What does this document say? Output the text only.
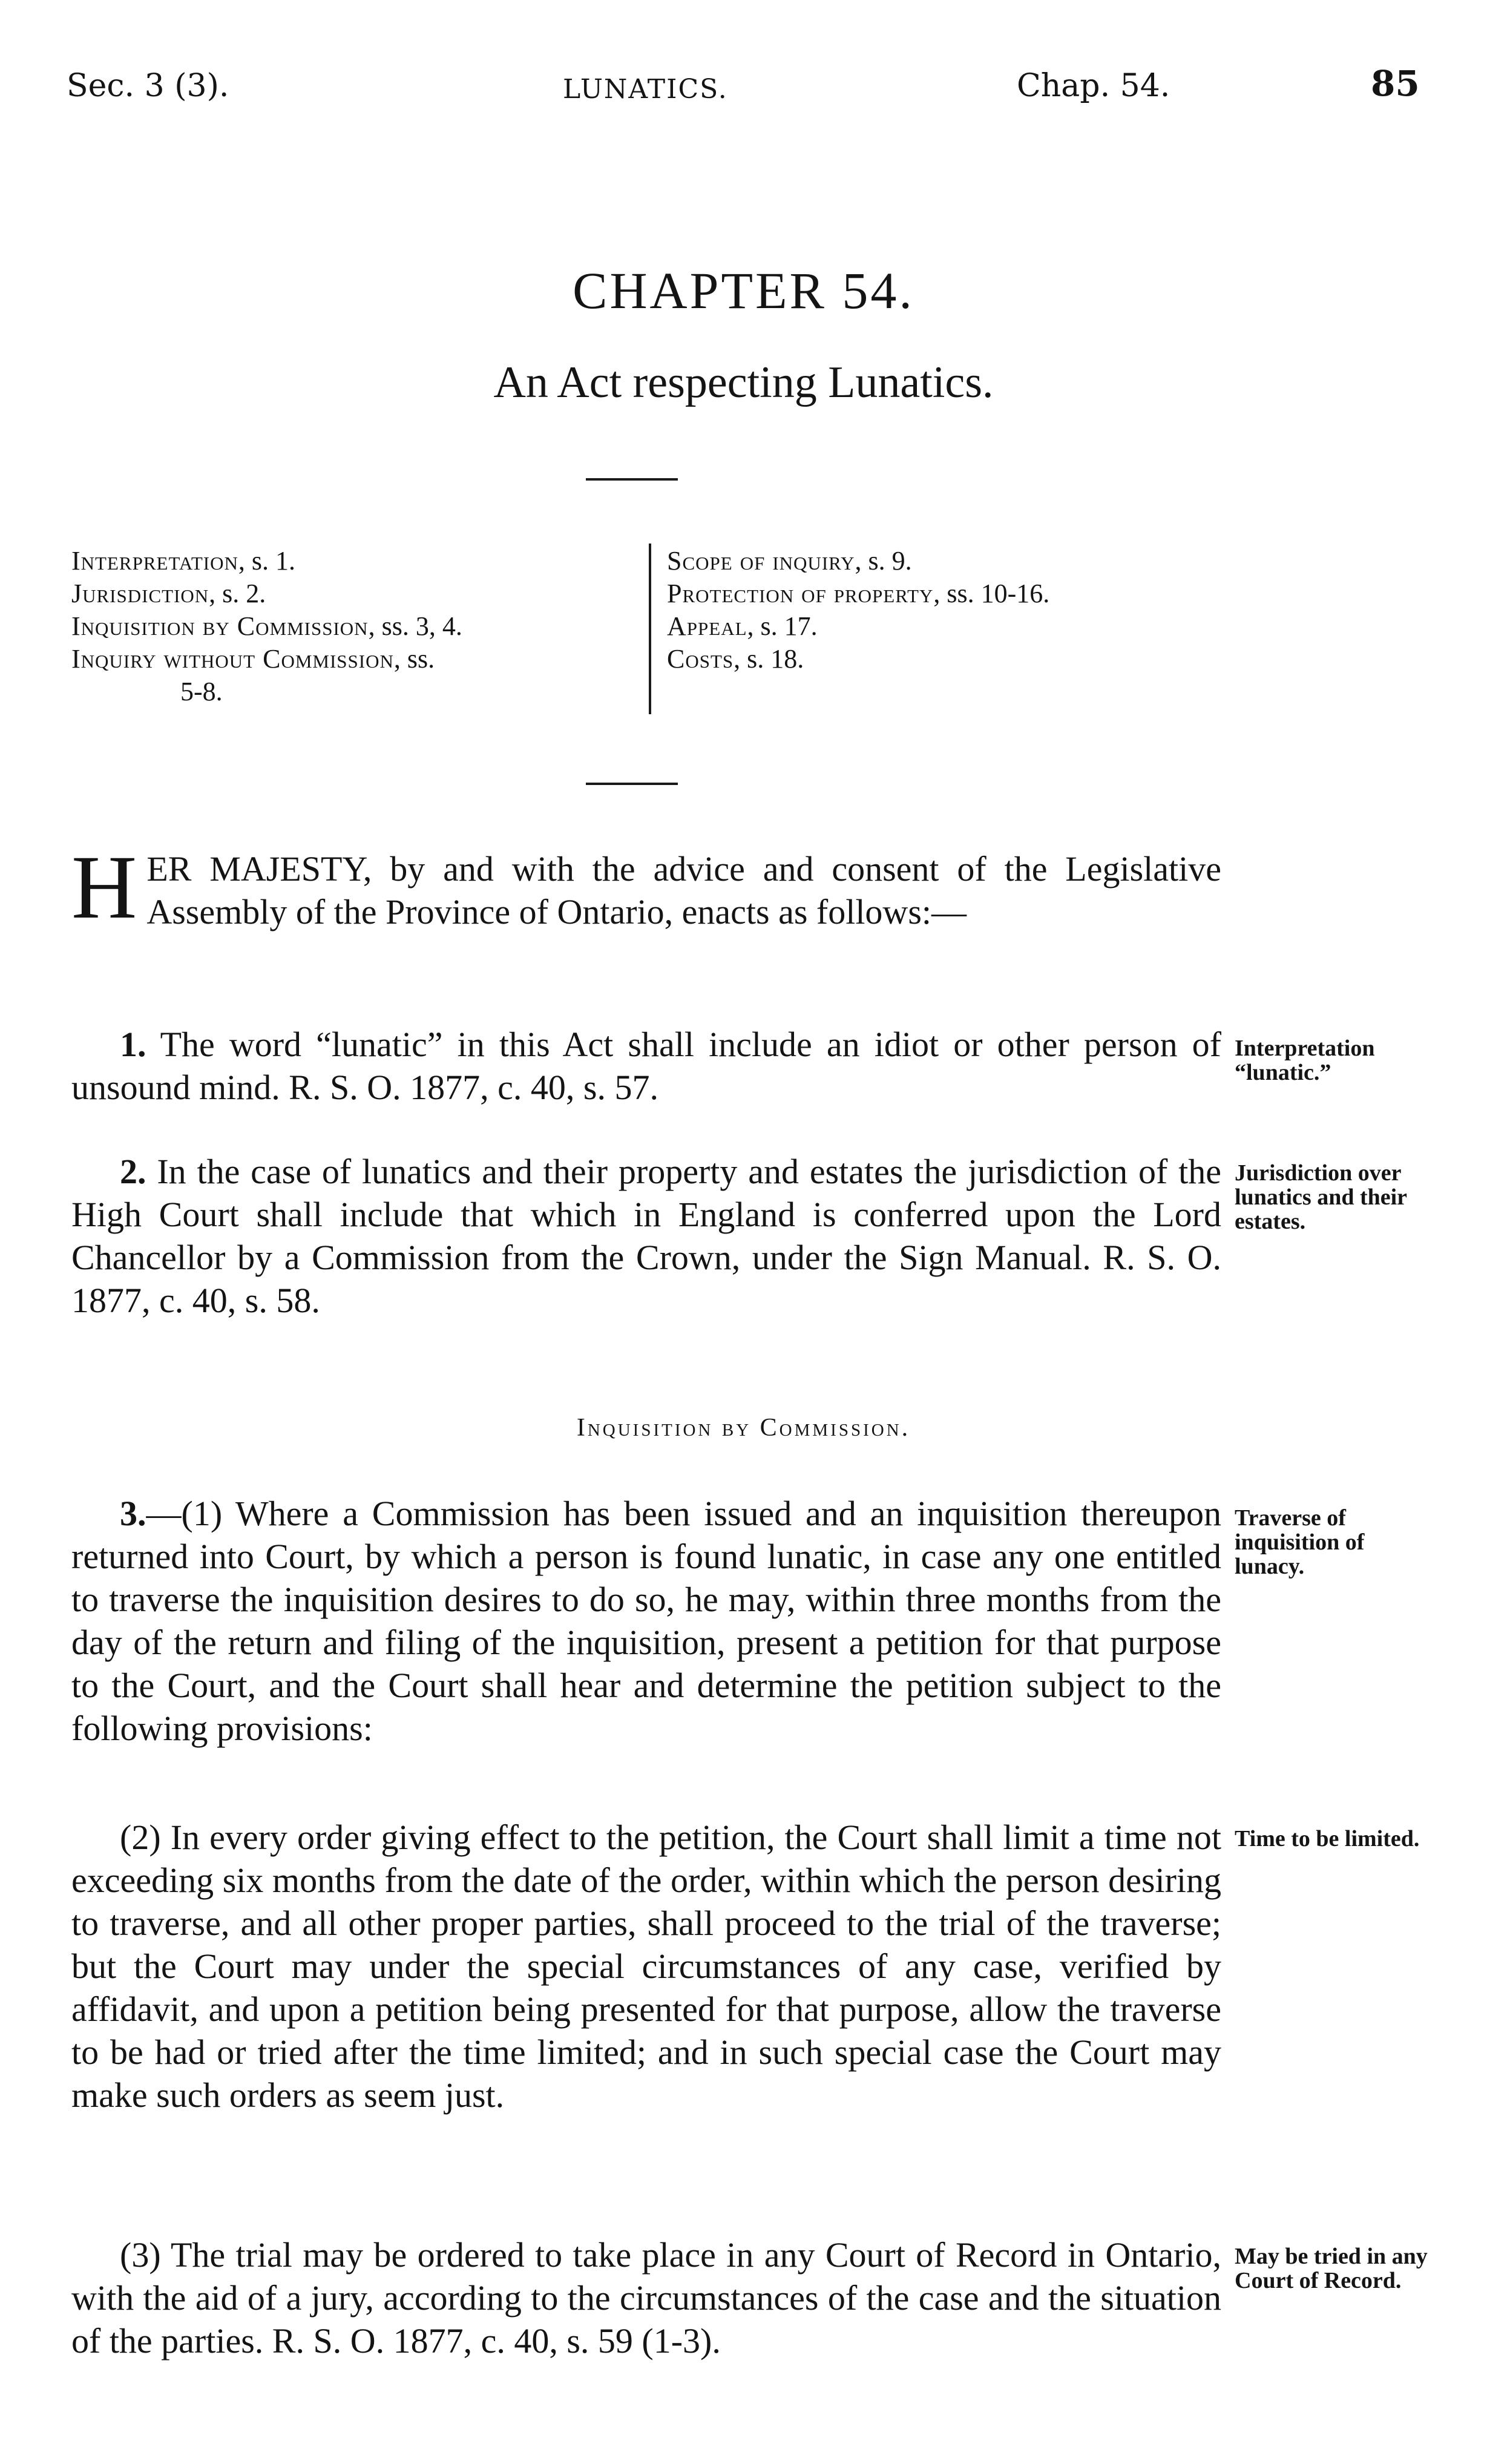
Sec. 3 (3).	LUNATICS.	Chap. 54.	85
CHAPTER 54.
An Act respecting Lunatics.
Interpretation, s. 1.
Jurisdiction, s. 2.
Inquisition by Commission, ss. 3, 4.
Inquiry without Commission, ss.
5-8.
Scope of inquiry, s. 9.
Protection of property, ss. 10-16.
Appeal, s. 17.
Costs, s. 18.
HER MAJESTY, by and with the advice and consent of the Legislative Assembly of the Province of Ontario, enacts as follows:—
1. The word “lunatic” in this Act shall include an idiot or other person of unsound mind. R. S. O. 1877, c. 40, s. 57.
Interpretation “lunatic.”
2. In the case of lunatics and their property and estates the jurisdiction of the High Court shall include that which in England is conferred upon the Lord Chancellor by a Commission from the Crown, under the Sign Manual. R. S. O. 1877, c. 40, s. 58.
Jurisdiction over lunatics and their estates.
Inquisition by Commission.
3.—(1) Where a Commission has been issued and an inquisition thereupon returned into Court, by which a person is found lunatic, in case any one entitled to traverse the inquisition desires to do so, he may, within three months from the day of the return and filing of the inquisition, present a petition for that purpose to the Court, and the Court shall hear and determine the petition subject to the following provisions:
Traverse of inquisition of lunacy.
(2) In every order giving effect to the petition, the Court shall limit a time not exceeding six months from the date of the order, within which the person desiring to traverse, and all other proper parties, shall proceed to the trial of the traverse; but the Court may under the special circumstances of any case, verified by affidavit, and upon a petition being presented for that purpose, allow the traverse to be had or tried after the time limited; and in such special case the Court may make such orders as seem just.
Time to be limited.
(3) The trial may be ordered to take place in any Court of Record in Ontario, with the aid of a jury, according to the circumstances of the case and the situation of the parties. R. S. O. 1877, c. 40, s. 59 (1-3).
May be tried in any Court of Record.
